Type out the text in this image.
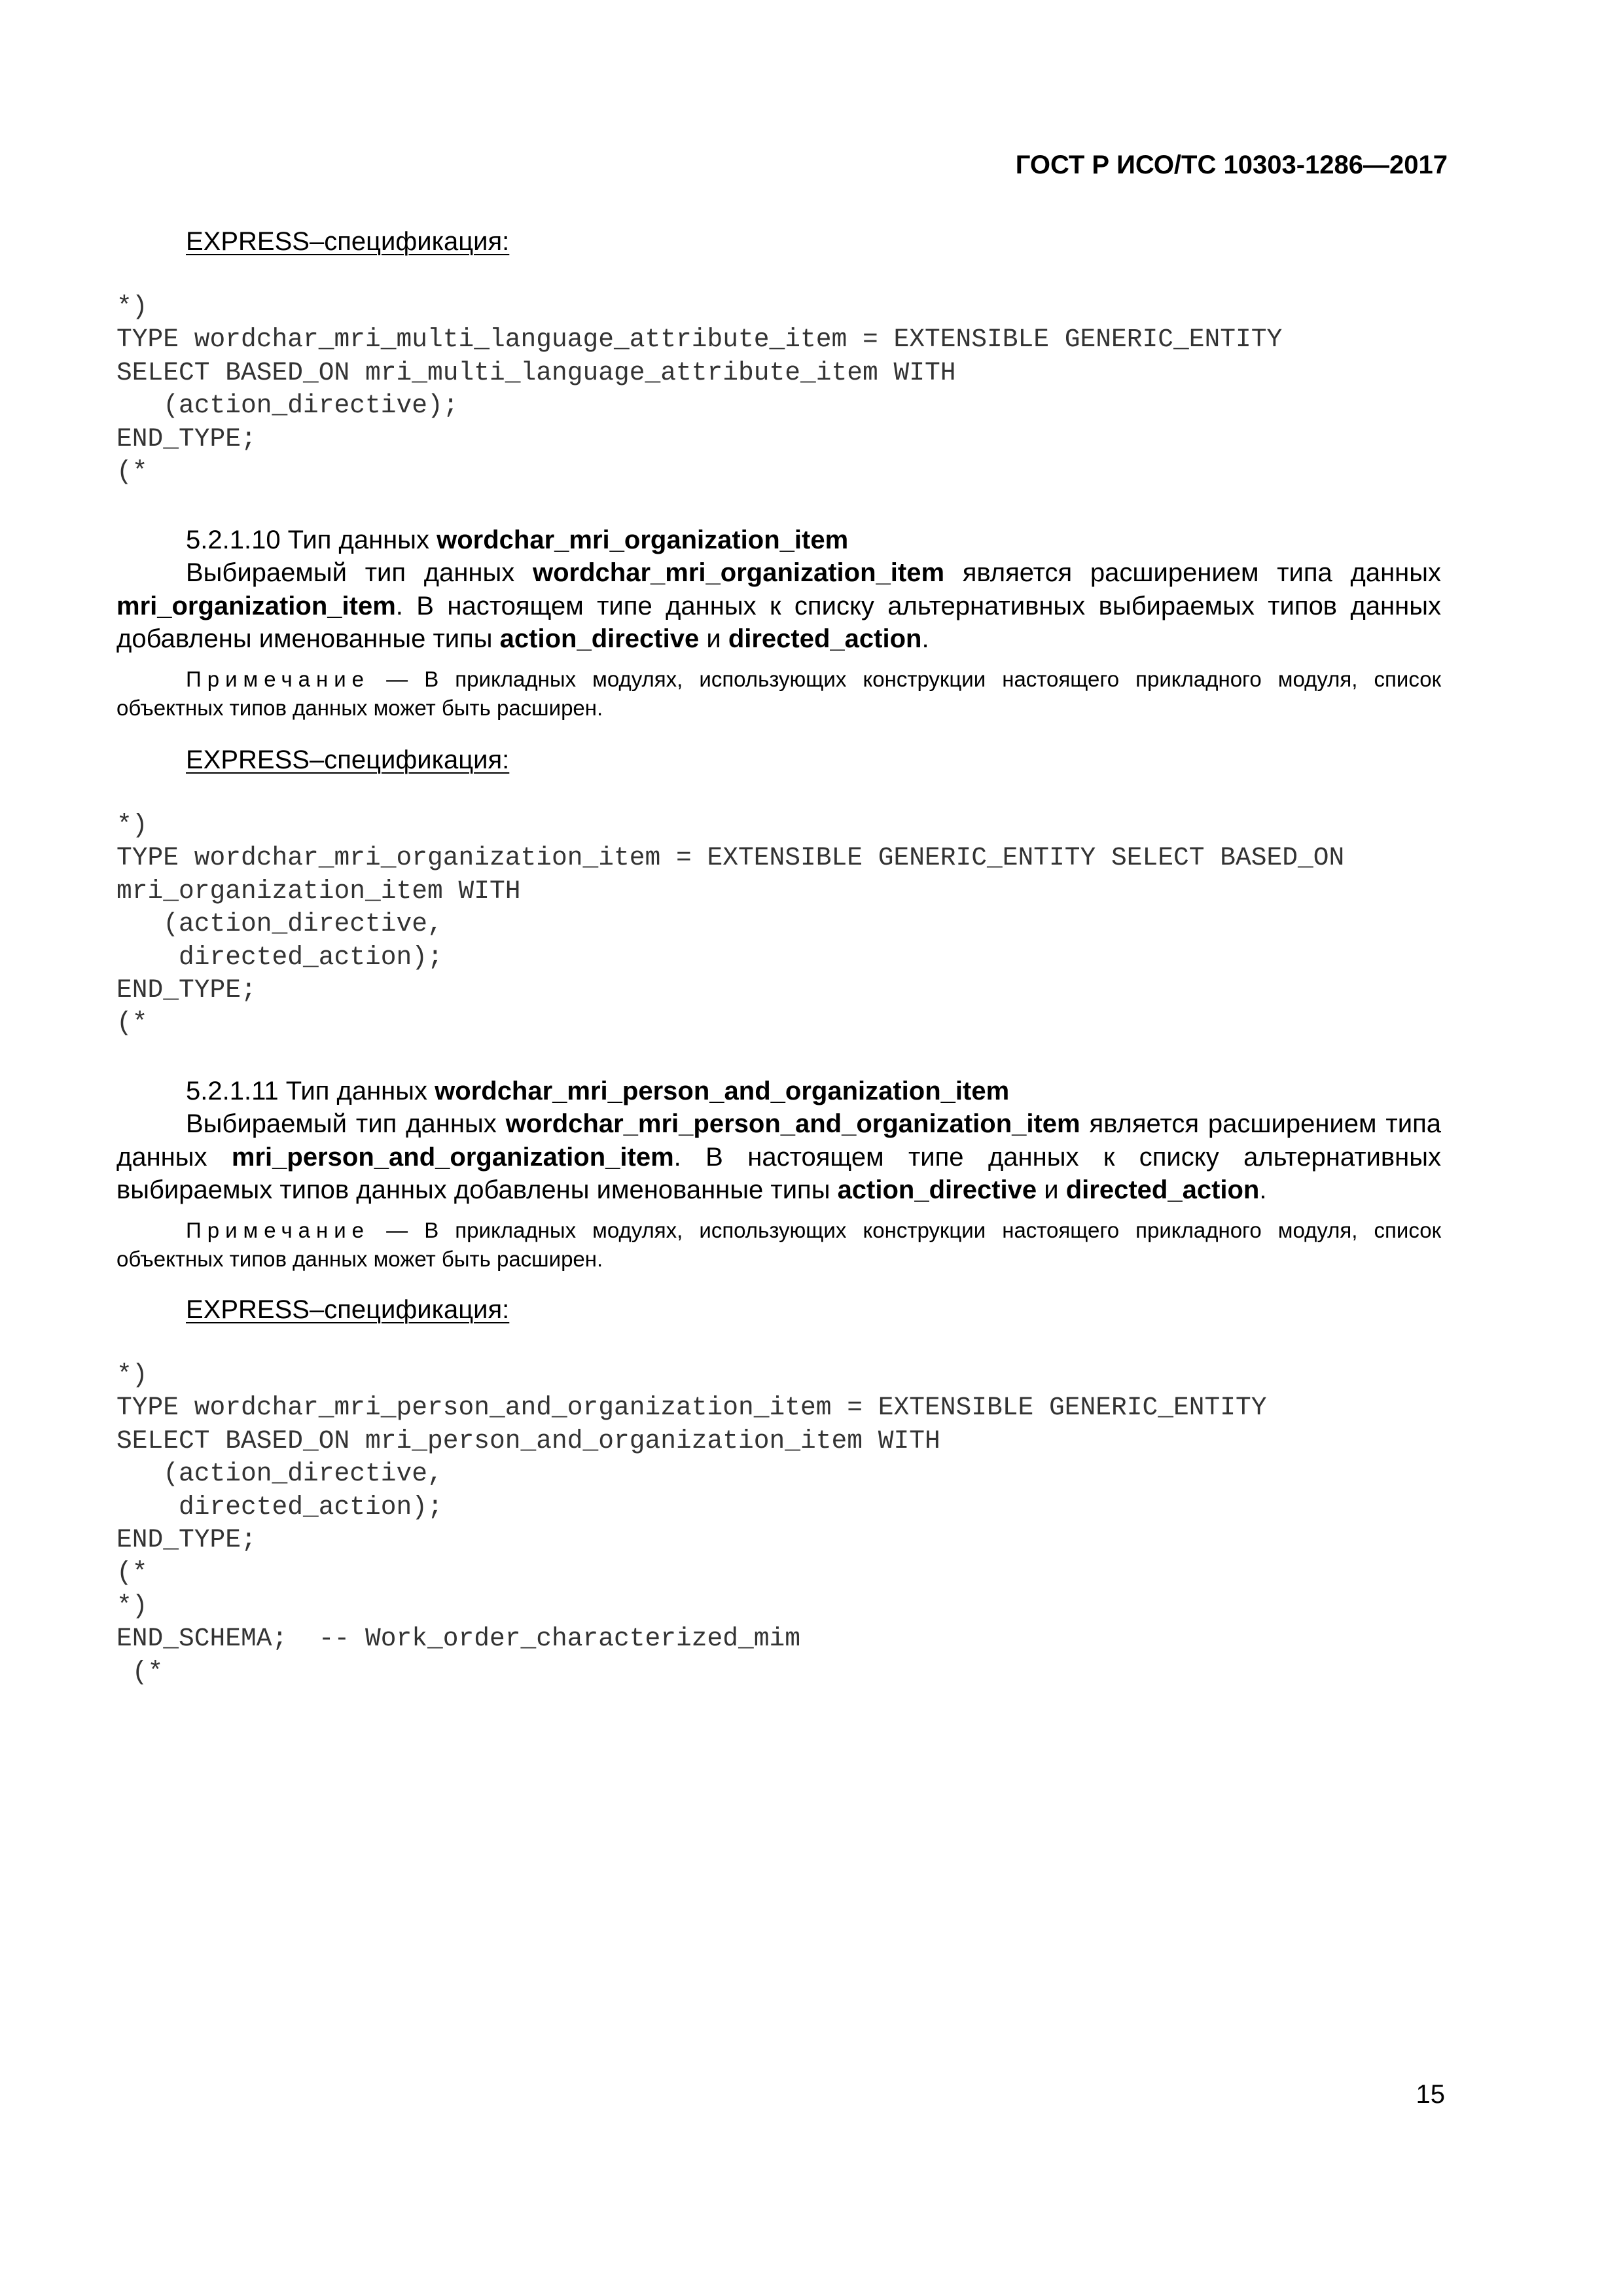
ГОСТ Р ИСО/ТС 10303-1286—2017

EXPRESS–спецификация:

*)
TYPE wordchar_mri_multi_language_attribute_item = EXTENSIBLE GENERIC_ENTITY
SELECT BASED_ON mri_multi_language_attribute_item WITH
(action_directive);
END_TYPE;
(*

5.2.1.10 Тип данных wordchar_mri_organization_item

Выбираемый тип данных wordchar_mri_organization_item является расширением типа данных mri_organization_item. В настоящем типе данных к списку альтернативных выбираемых типов данных добавлены именованные типы action_directive и directed_action.

Примечание — В прикладных модулях, использующих конструкции настоящего прикладного модуля, список объектных типов данных может быть расширен.

EXPRESS–спецификация:

*)
TYPE wordchar_mri_organization_item = EXTENSIBLE GENERIC_ENTITY SELECT BASED_ON
mri_organization_item WITH
(action_directive,
directed_action);
END_TYPE;
(*

5.2.1.11 Тип данных wordchar_mri_person_and_organization_item

Выбираемый тип данных wordchar_mri_person_and_organization_item является расширением типа данных mri_person_and_organization_item. В настоящем типе данных к списку альтернативных выбираемых типов данных добавлены именованные типы action_directive и directed_action.

Примечание — В прикладных модулях, использующих конструкции настоящего прикладного модуля, список объектных типов данных может быть расширен.

EXPRESS–спецификация:

*)
TYPE wordchar_mri_person_and_organization_item = EXTENSIBLE GENERIC_ENTITY
SELECT BASED_ON mri_person_and_organization_item WITH
(action_directive,
directed_action);
END_TYPE;
(*
*)
END_SCHEMA;  -- Work_order_characterized_mim
(*
15
